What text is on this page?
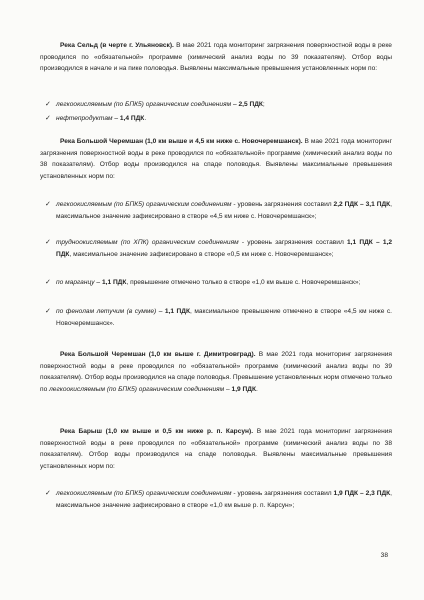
Река Сельд (в черте г. Ульяновск). В мае 2021 года мониторинг загрязнения поверхностной воды в реке проводился по «обязательной» программе (химический анализ воды по 39 показателям). Отбор воды производился в начале и на пике половодья. Выявлены максимальные превышения установленных норм по:
✓ легкоокисляемым (по БПК5) органическим соединениям – 2,5 ПДК;
✓ нефтепродуктам – 1,4 ПДК.
Река Большой Черемшан (1,0 км выше и 4,5 км ниже с. Новочеремшанск). В мае 2021 года мониторинг загрязнения поверхностной воды в реке проводился по «обязательной» программе (химический анализ воды по 38 показателям). Отбор воды производился на спаде половодья. Выявлены максимальные превышения установленных норм по:
✓ легкоокисляемым (по БПК5) органическим соединениям - уровень загрязнения составил 2,2 ПДК – 3,1 ПДК, максимальное значение зафиксировано в створе «4,5 км ниже с. Новочеремшанск»;
✓ трудноокисляемым (по ХПК) органическим соединениям - уровень загрязнения составил 1,1 ПДК – 1,2 ПДК, максимальное значение зафиксировано в створе «0,5 км ниже с. Новочеремшанск»;
✓ по марганцу – 1,1 ПДК, превышение отмечено только в створе «1,0 км выше с. Новочеремшанск»;
✓ по фенолам летучим (в сумме) – 1,1 ПДК, максимальное превышение отмечено в створе «4,5 км ниже с. Новочеремшанск».
Река Большой Черемшан (1,0 км выше г. Димитровград). В мае 2021 года мониторинг загрязнения поверхностной воды в реке проводился по «обязательной» программе (химический анализ воды по 39 показателям). Отбор воды производился на спаде половодья. Превышение установленных норм отмечено только по легкоокисляемым (по БПК5) органическим соединениям – 1,9 ПДК.
Река Барыш (1,0 км выше и 0,5 км ниже р. п. Карсун). В мае 2021 года мониторинг загрязнения поверхностной воды в реке проводился по «обязательной» программе (химический анализ воды по 38 показателям). Отбор воды производился на спаде половодья. Выявлены максимальные превышения установленных норм по:
✓ легкоокисляемым (по БПК5) органическим соединениям - уровень загрязнения составил 1,9 ПДК – 2,3 ПДК, максимальное значение зафиксировано в створе «1,0 км выше р. п. Карсун»;
38
